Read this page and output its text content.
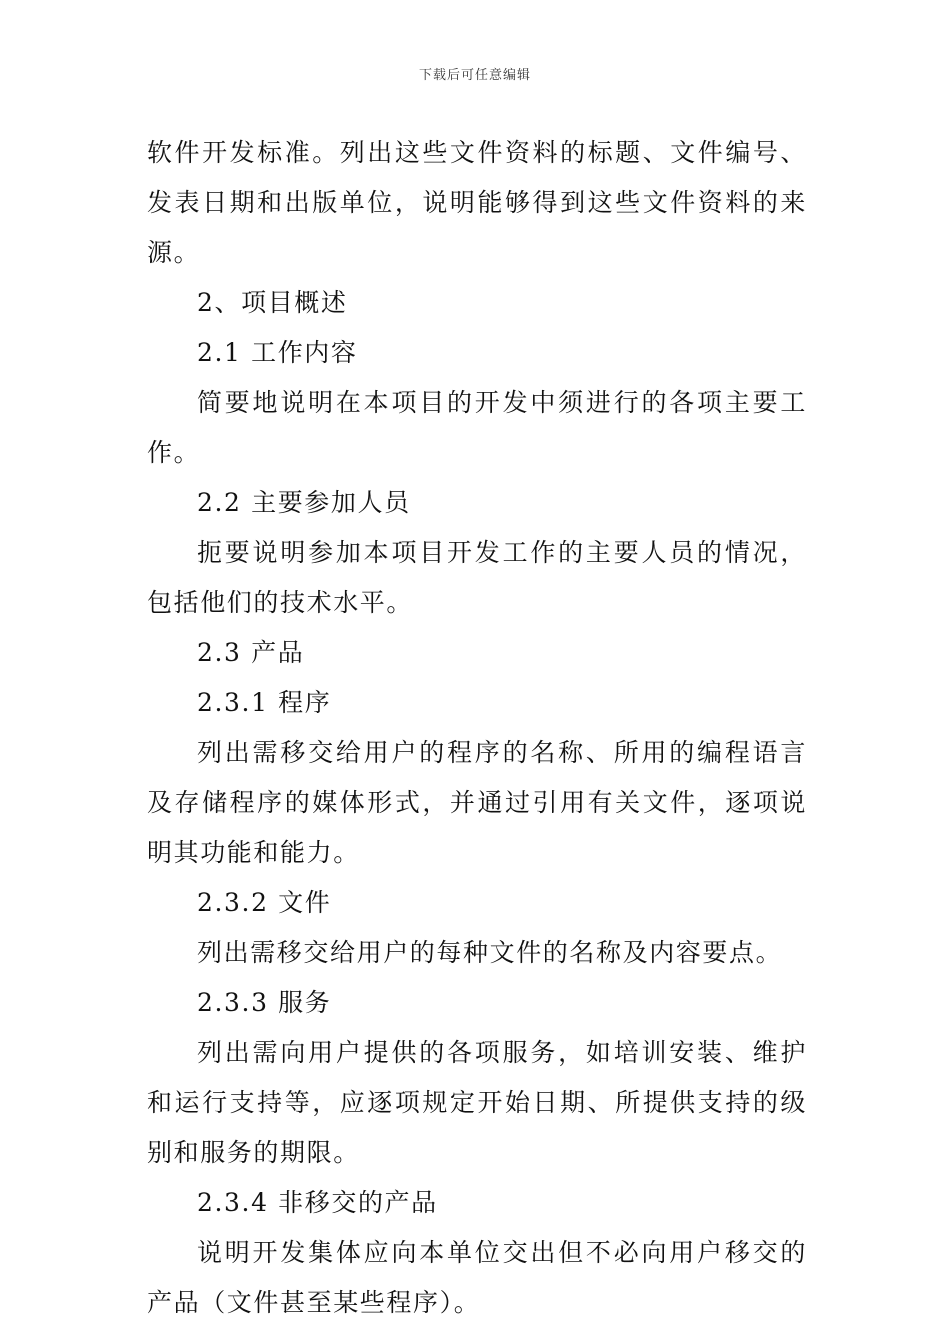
下载后可任意编辑

软件开发标准。列出这些文件资料的标题、文件编号、发表日期和出版单位，说明能够得到这些文件资料的来源。

2、项目概述

2.1 工作内容

简要地说明在本项目的开发中须进行的各项主要工作。

2.2 主要参加人员

扼要说明参加本项目开发工作的主要人员的情况，包括他们的技术水平。

2.3 产品

2.3.1 程序

列出需移交给用户的程序的名称、所用的编程语言及存储程序的媒体形式，并通过引用有关文件，逐项说明其功能和能力。

2.3.2 文件

列出需移交给用户的每种文件的名称及内容要点。

2.3.3 服务

列出需向用户提供的各项服务，如培训安装、维护和运行支持等，应逐项规定开始日期、所提供支持的级别和服务的期限。

2.3.4 非移交的产品

说明开发集体应向本单位交出但不必向用户移交的产品（文件甚至某些程序）。
